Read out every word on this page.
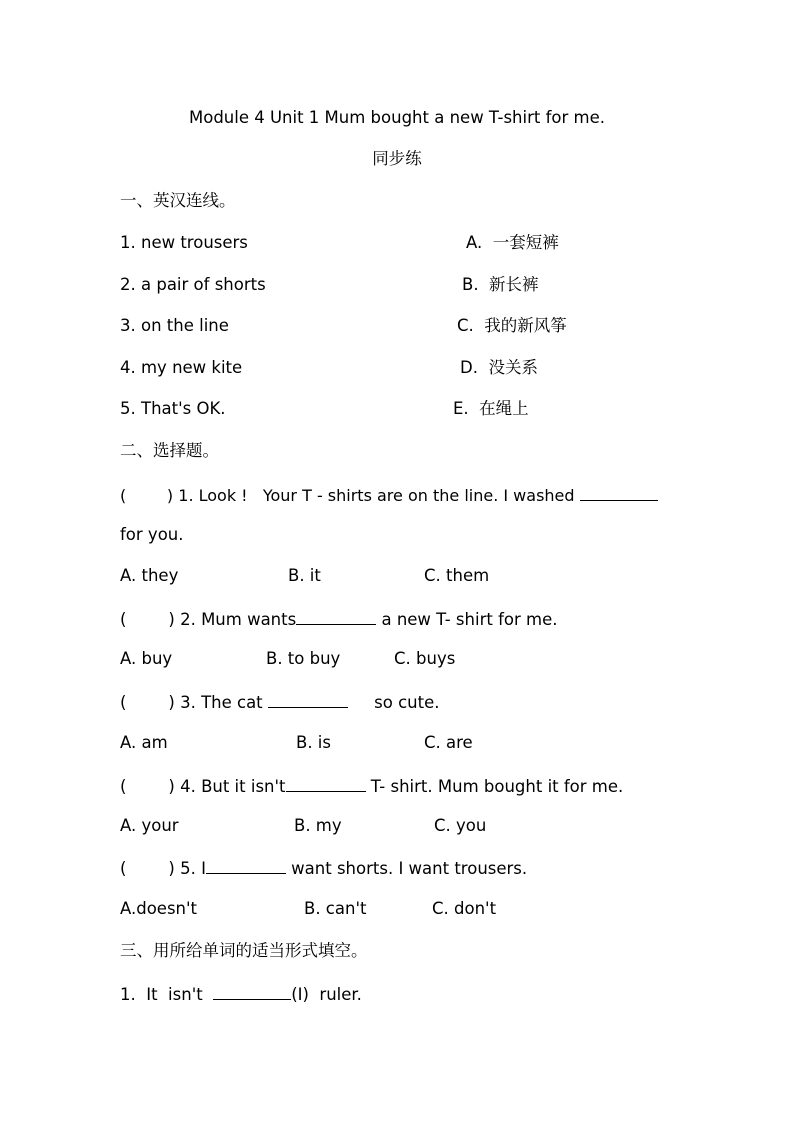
Module 4 Unit 1 Mum bought a new T-shirt for me.
同步练
一、英汉连线。
1. new trousers	A.  一套短裤
2. a pair of shorts	B.  新长裤
3. on the line	C.  我的新风筝
4. my new kite	D.  没关系
5. That's OK.	E.  在绳上
二、选择题。
(        ) 1. Look !   Your T - shirts are on the line. I washed
for you.
A. they	B. it	C. them
(        ) 2. Mum wants	a new T- shirt for me.
A. buy	B. to buy	C. buys
(        ) 3. The cat	so cute.
A. am	B. is	C. are
(        ) 4. But it isn't	T- shirt. Mum bought it for me.
A. your	B. my	C. you
(        ) 5. I	want shorts. I want trousers.
A.doesn't	B. can't	C. don't
三、用所给单词的适当形式填空。
1.  It  isn't	(I)  ruler.
